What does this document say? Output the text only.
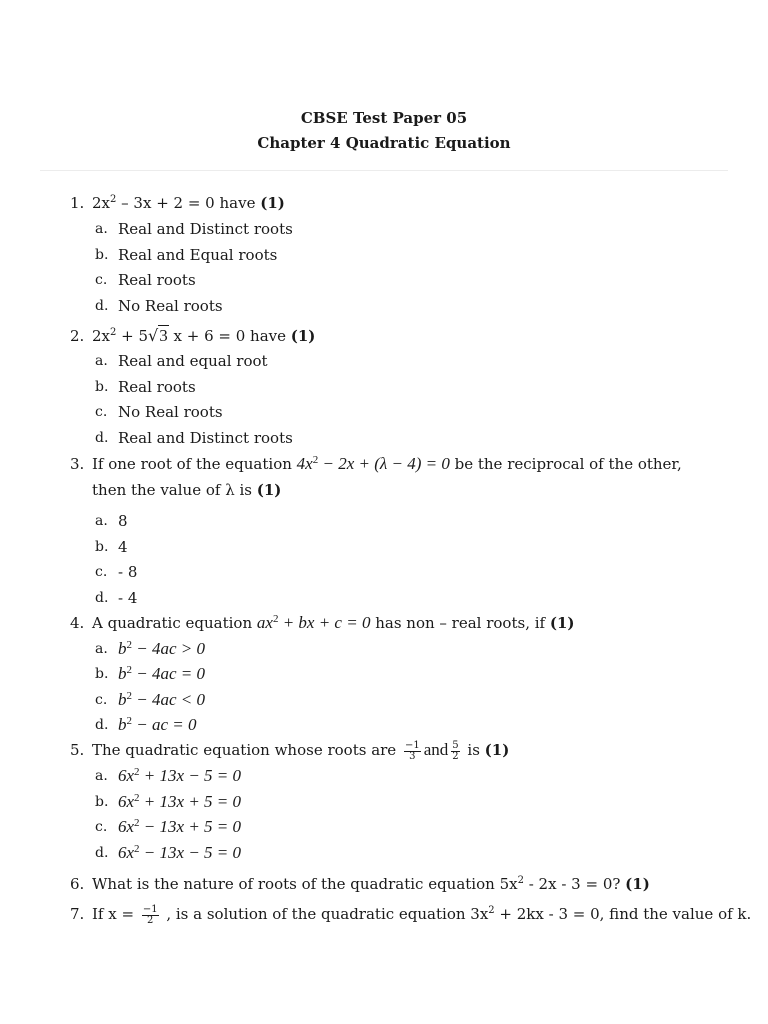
CBSE Test Paper 05
Chapter 4 Quadratic Equation
1. $2x^2 - 3x + 2 = 0$ have (1)
a. Real and Distinct roots
b. Real and Equal roots
c. Real roots
d. No Real roots
2. $2x^2 + 5√3$ x + 6 = 0 have (1)
a. Real and equal root
b. Real roots
c. No Real roots
d. Real and Distinct roots
3. If one root of the equation $4x^2 - 2x + (\lambda - 4) = 0$ be the reciprocal of the other,
then the value of λ is (1)
a. 8
b. 4
c. - 8
d. - 4
4. A quadratic equation $ax^2$ + bx + c = 0 has non – real roots, if (1)
a. $b^2 - 4ac > 0$
b. $b^2 - 4ac = 0$
c. $b^2 - 4ac < 0$
d. $b^2$ − ac = 0
5. The quadratic equation whose roots are $\frac{-1}{3}$ and $\frac{5}{2}$ is (1)
a. $6x^2 + 13x - 5 = 0$
b. $6x^2 + 13x + 5 = 0$
c. $6x^2 - 13x + 5 = 0$
d. $6x^2 - 13x - 5 = 0$
6. What is the nature of roots of the quadratic equation $5x^2 - 2x - 3 = 0$? (1)
7. If $x = \frac{-1}{2}$ , is a solution of the quadratic equation $3x^2 + 2kx - 3 = 0$, find the value of k.
